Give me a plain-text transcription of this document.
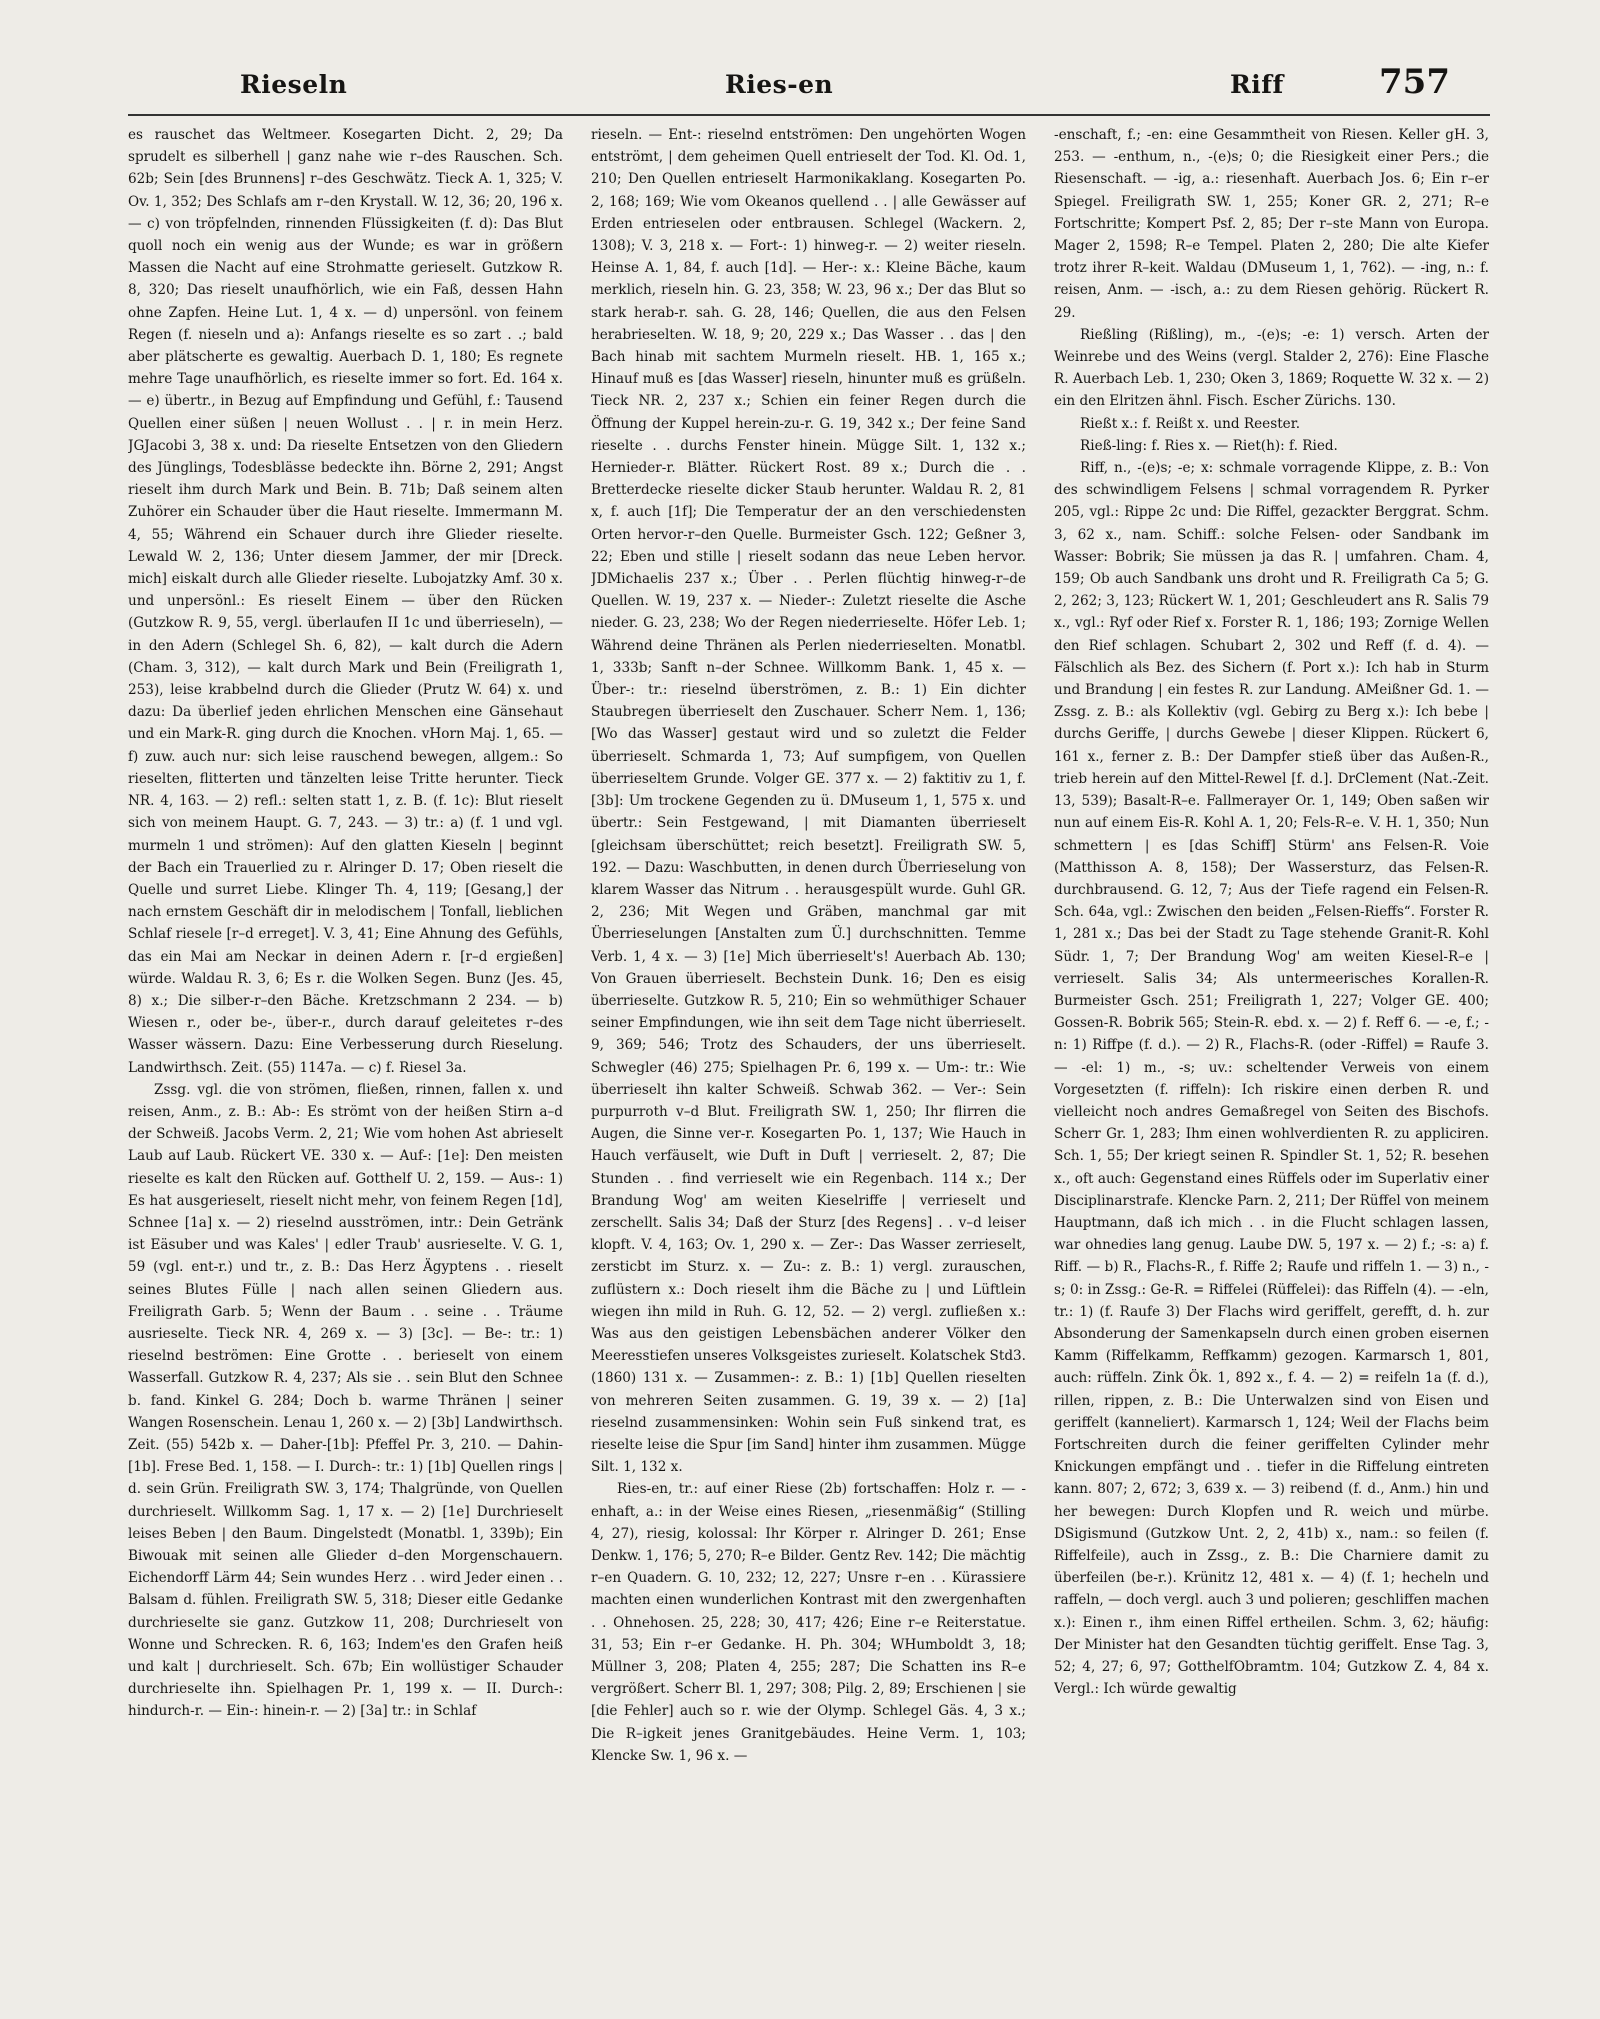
Rieseln	Ries-en	Riff	757

es rauschet das Weltmeer. Kosegarten Dicht. 2, 29; Da sprudelt es silberhell | ganz nahe wie r–des Rauschen. Sch. 62b; Sein [des Brunnens] r–des Geschwätz. Tieck A. 1, 325; V. Ov. 1, 352; Des Schlafs am r–den Krystall. W. 12, 36; 20, 196 x. — c) von tröpfelnden, rinnenden Flüssigkeiten (f. d): Das Blut quoll noch ein wenig aus der Wunde; es war in größern Massen die Nacht auf eine Strohmatte gerieselt. Gutzkow R. 8, 320; Das rieselt unaufhörlich, wie ein Faß, dessen Hahn ohne Zapfen. Heine Lut. 1, 4 x. — d) unpersönl. von feinem Regen (f. nieseln und a): Anfangs rieselte es so zart . .; bald aber plätscherte es gewaltig. Auerbach D. 1, 180; Es regnete mehre Tage unaufhörlich, es rieselte immer so fort. Ed. 164 x. — e) übertr., in Bezug auf Empfindung und Gefühl, f.: Tausend Quellen einer süßen | neuen Wollust . . | r. in mein Herz. JGJacobi 3, 38 x. und: Da rieselte Entsetzen von den Gliedern des Jünglings, Todesblässe bedeckte ihn. Börne 2, 291; Angst rieselt ihm durch Mark und Bein. B. 71b; Daß seinem alten Zuhörer ein Schauder über die Haut rieselte. Immermann M. 4, 55; Während ein Schauer durch ihre Glieder rieselte. Lewald W. 2, 136; Unter diesem Jammer, der mir [Dreck. mich] eiskalt durch alle Glieder rieselte. Lubojatzky Amf. 30 x. und unpersönl.: Es rieselt Einem — über den Rücken (Gutzkow R. 9, 55, vergl. überlaufen II 1c und überrieseln), — in den Adern (Schlegel Sh. 6, 82), — kalt durch die Adern (Cham. 3, 312), — kalt durch Mark und Bein (Freiligrath 1, 253), leise krabbelnd durch die Glieder (Prutz W. 64) x. und dazu: Da überlief jeden ehrlichen Menschen eine Gänsehaut und ein Mark-R. ging durch die Knochen. vHorn Maj. 1, 65. — f) zuw. auch nur: sich leise rauschend bewegen, allgem.: So rieselten, flitterten und tänzelten leise Tritte herunter. Tieck NR. 4, 163. — 2) refl.: selten statt 1, z. B. (f. 1c): Blut rieselt sich von meinem Haupt. G. 7, 243. — 3) tr.: a) (f. 1 und vgl. murmeln 1 und strömen): Auf den glatten Kieseln | beginnt der Bach ein Trauerlied zu r. Alringer D. 17; Oben rieselt die Quelle und surret Liebe. Klinger Th. 4, 119; [Gesang,] der nach ernstem Geschäft dir in melodischem | Tonfall, lieblichen Schlaf riesele [r–d erreget]. V. 3, 41; Eine Ahnung des Gefühls, das ein Mai am Neckar in deinen Adern r. [r–d ergießen] würde. Waldau R. 3, 6; Es r. die Wolken Segen. Bunz (Jes. 45, 8) x.; Die silber-r–den Bäche. Kretzschmann 2 234. — b) Wiesen r., oder be-, über-r., durch darauf geleitetes r–des Wasser wässern. Dazu: Eine Verbesserung durch Rieselung. Landwirthsch. Zeit. (55) 1147a. — c) f. Riesel 3a.

Zssg. vgl. die von strömen, fließen, rinnen, fallen x. und reisen, Anm., z. B.: Ab-: Es strömt von der heißen Stirn a–d der Schweiß. Jacobs Verm. 2, 21; Wie vom hohen Ast abrieselt Laub auf Laub. Rückert VE. 330 x. — Auf-: [1e]: Den meisten rieselte es kalt den Rücken auf. Gotthelf U. 2, 159. — Aus-: 1) Es hat ausgerieselt, rieselt nicht mehr, von feinem Regen [1d], Schnee [1a] x. — 2) rieselnd ausströmen, intr.: Dein Getränk ist Eäsuber und was Kales' | edler Traub' ausrieselte. V. G. 1, 59 (vgl. ent-r.) und tr., z. B.: Das Herz Ägyptens . . rieselt seines Blutes Fülle | nach allen seinen Gliedern aus. Freiligrath Garb. 5; Wenn der Baum . . seine . . Träume ausrieselte. Tieck NR. 4, 269 x. — 3) [3c]. — Be-: tr.: 1) rieselnd beströmen: Eine Grotte . . berieselt von einem Wasserfall. Gutzkow R. 4, 237; Als sie . . sein Blut den Schnee b. fand. Kinkel G. 284; Doch b. warme Thränen | seiner Wangen Rosenschein. Lenau 1, 260 x. — 2) [3b] Landwirthsch. Zeit. (55) 542b x. — Daher-[1b]: Pfeffel Pr. 3, 210. — Dahin-[1b]. Frese Bed. 1, 158. — I. Durch-: tr.: 1) [1b] Quellen rings | d. sein Grün. Freiligrath SW. 3, 174; Thalgründe, von Quellen durchrieselt. Willkomm Sag. 1, 17 x. — 2) [1e] Durchrieselt leises Beben | den Baum. Dingelstedt (Monatbl. 1, 339b); Ein Biwouak mit seinen alle Glieder d–den Morgenschauern. Eichendorff Lärm 44; Sein wundes Herz . . wird Jeder einen . . Balsam d. fühlen. Freiligrath SW. 5, 318; Dieser eitle Gedanke durchrieselte sie ganz. Gutzkow 11, 208; Durchrieselt von Wonne und Schrecken. R. 6, 163; Indem'es den Grafen heiß und kalt | durchrieselt. Sch. 67b; Ein wollüstiger Schauder durchrieselte ihn. Spielhagen Pr. 1, 199 x. — II. Durch-: hindurch-r. — Ein-: hinein-r. — 2) [3a] tr.: in Schlaf

rieseln. — Ent-: rieselnd entströmen: Den ungehörten Wogen entströmt, | dem geheimen Quell entrieselt der Tod. Kl. Od. 1, 210; Den Quellen entrieselt Harmonikaklang. Kosegarten Po. 2, 168; 169; Wie vom Okeanos quellend . . | alle Gewässer auf Erden entrieselen oder entbrausen. Schlegel (Wackern. 2, 1308); V. 3, 218 x. — Fort-: 1) hinweg-r. — 2) weiter rieseln. Heinse A. 1, 84, f. auch [1d]. — Her-: x.: Kleine Bäche, kaum merklich, rieseln hin. G. 23, 358; W. 23, 96 x.; Der das Blut so stark herab-r. sah. G. 28, 146; Quellen, die aus den Felsen herabrieselten. W. 18, 9; 20, 229 x.; Das Wasser . . das | den Bach hinab mit sachtem Murmeln rieselt. HB. 1, 165 x.; Hinauf muß es [das Wasser] rieseln, hinunter muß es grüßeln. Tieck NR. 2, 237 x.; Schien ein feiner Regen durch die Öffnung der Kuppel herein-zu-r. G. 19, 342 x.; Der feine Sand rieselte . . durchs Fenster hinein. Mügge Silt. 1, 132 x.; Hernieder-r. Blätter. Rückert Rost. 89 x.; Durch die . . Bretterdecke rieselte dicker Staub herunter. Waldau R. 2, 81 x, f. auch [1f]; Die Temperatur der an den verschiedensten Orten hervor-r–den Quelle. Burmeister Gsch. 122; Geßner 3, 22; Eben und stille | rieselt sodann das neue Leben hervor. JDMichaelis 237 x.; Über . . Perlen flüchtig hinweg-r–de Quellen. W. 19, 237 x. — Nieder-: Zuletzt rieselte die Asche nieder. G. 23, 238; Wo der Regen niederrieselte. Höfer Leb. 1; Während deine Thränen als Perlen niederrieselten. Monatbl. 1, 333b; Sanft n–der Schnee. Willkomm Bank. 1, 45 x. — Über-: tr.: rieselnd überströmen, z. B.: 1) Ein dichter Staubregen überrieselt den Zuschauer. Scherr Nem. 1, 136; [Wo das Wasser] gestaut wird und so zuletzt die Felder überrieselt. Schmarda 1, 73; Auf sumpfigem, von Quellen überrieseltem Grunde. Volger GE. 377 x. — 2) faktitiv zu 1, f. [3b]: Um trockene Gegenden zu ü. DMuseum 1, 1, 575 x. und übertr.: Sein Festgewand, | mit Diamanten überrieselt [gleichsam überschüttet; reich besetzt]. Freiligrath SW. 5, 192. — Dazu: Waschbutten, in denen durch Überrieselung von klarem Wasser das Nitrum . . herausgespült wurde. Guhl GR. 2, 236; Mit Wegen und Gräben, manchmal gar mit Überrieselungen [Anstalten zum Ü.] durchschnitten. Temme Verb. 1, 4 x. — 3) [1e] Mich überrieselt's! Auerbach Ab. 130; Von Grauen überrieselt. Bechstein Dunk. 16; Den es eisig überrieselte. Gutzkow R. 5, 210; Ein so wehmüthiger Schauer seiner Empfindungen, wie ihn seit dem Tage nicht überrieselt. 9, 369; 546; Trotz des Schauders, der uns überrieselt. Schwegler (46) 275; Spielhagen Pr. 6, 199 x. — Um-: tr.: Wie überrieselt ihn kalter Schweiß. Schwab 362. — Ver-: Sein purpurroth v–d Blut. Freiligrath SW. 1, 250; Ihr flirren die Augen, die Sinne ver-r. Kosegarten Po. 1, 137; Wie Hauch in Hauch verfäuselt, wie Duft in Duft | verrieselt. 2, 87; Die Stunden . . find verrieselt wie ein Regenbach. 114 x.; Der Brandung Wog' am weiten Kieselriffe | verrieselt und zerschellt. Salis 34; Daß der Sturz [des Regens] . . v–d leiser klopft. V. 4, 163; Ov. 1, 290 x. — Zer-: Das Wasser zerrieselt, zersticbt im Sturz. x. — Zu-: z. B.: 1) vergl. zurauschen, zuflüstern x.: Doch rieselt ihm die Bäche zu | und Lüftlein wiegen ihn mild in Ruh. G. 12, 52. — 2) vergl. zufließen x.: Was aus den geistigen Lebensbächen anderer Völker den Meeresstiefen unseres Volksgeistes zurieselt. Kolatschek Std3. (1860) 131 x. — Zusammen-: z. B.: 1) [1b] Quellen rieselten von mehreren Seiten zusammen. G. 19, 39 x. — 2) [1a] rieselnd zusammensinken: Wohin sein Fuß sinkend trat, es rieselte leise die Spur [im Sand] hinter ihm zusammen. Mügge Silt. 1, 132 x.

Ries-en, tr.: auf einer Riese (2b) fortschaffen: Holz r. — -enhaft, a.: in der Weise eines Riesen, „riesenmäßig“ (Stilling 4, 27), riesig, kolossal: Ihr Körper r. Alringer D. 261; Ense Denkw. 1, 176; 5, 270; R–e Bilder. Gentz Rev. 142; Die mächtig r–en Quadern. G. 10, 232; 12, 227; Unsre r–en . . Kürassiere machten einen wunderlichen Kontrast mit den zwergenhaften . . Ohnehosen. 25, 228; 30, 417; 426; Eine r–e Reiterstatue. 31, 53; Ein r–er Gedanke. H. Ph. 304; WHumboldt 3, 18; Müllner 3, 208; Platen 4, 255; 287; Die Schatten ins R–e vergrößert. Scherr Bl. 1, 297; 308; Pilg. 2, 89; Erschienen | sie [die Fehler] auch so r. wie der Olymp. Schlegel Gäs. 4, 3 x.; Die R–igkeit jenes Granitgebäudes. Heine Verm. 1, 103; Klencke Sw. 1, 96 x. —

-enschaft, f.; -en: eine Gesammtheit von Riesen. Keller gH. 3, 253. — -enthum, n., -(e)s; 0; die Riesigkeit einer Pers.; die Riesenschaft. — -ig, a.: riesenhaft. Auerbach Jos. 6; Ein r–er Spiegel. Freiligrath SW. 1, 255; Koner GR. 2, 271; R–e Fortschritte; Kompert Psf. 2, 85; Der r–ste Mann von Europa. Mager 2, 1598; R–e Tempel. Platen 2, 280; Die alte Kiefer trotz ihrer R–keit. Waldau (DMuseum 1, 1, 762). — -ing, n.: f. reisen, Anm. — -isch, a.: zu dem Riesen gehörig. Rückert R. 29.

Rießling (Rißling), m., -(e)s; -e: 1) versch. Arten der Weinrebe und des Weins (vergl. Stalder 2, 276): Eine Flasche R. Auerbach Leb. 1, 230; Oken 3, 1869; Roquette W. 32 x. — 2) ein den Elritzen ähnl. Fisch. Escher Zürichs. 130.

Rießt x.: f. Reißt x. und Reester.

Rieß-ling: f. Ries x. — Riet(h): f. Ried.

Riff, n., -(e)s; -e; x: schmale vorragende Klippe, z. B.: Von des schwindligem Felsens | schmal vorragendem R. Pyrker 205, vgl.: Rippe 2c und: Die Riffel, gezackter Berggrat. Schm. 3, 62 x., nam. Schiff.: solche Felsen- oder Sandbank im Wasser: Bobrik; Sie müssen ja das R. | umfahren. Cham. 4, 159; Ob auch Sandbank uns droht und R. Freiligrath Ca 5; G. 2, 262; 3, 123; Rückert W. 1, 201; Geschleudert ans R. Salis 79 x., vgl.: Ryf oder Rief x. Forster R. 1, 186; 193; Zornige Wellen den Rief schlagen. Schubart 2, 302 und Reff (f. d. 4). — Fälschlich als Bez. des Sichern (f. Port x.): Ich hab in Sturm und Brandung | ein festes R. zur Landung. AMeißner Gd. 1. — Zssg. z. B.: als Kollektiv (vgl. Gebirg zu Berg x.): Ich bebe | durchs Geriffe, | durchs Gewebe | dieser Klippen. Rückert 6, 161 x., ferner z. B.: Der Dampfer stieß über das Außen-R., trieb herein auf den Mittel-Rewel [f. d.]. DrClement (Nat.-Zeit. 13, 539); Basalt-R–e. Fallmerayer Or. 1, 149; Oben saßen wir nun auf einem Eis-R. Kohl A. 1, 20; Fels-R–e. V. H. 1, 350; Nun schmettern | es [das Schiff] Stürm' ans Felsen-R. Voie (Matthisson A. 8, 158); Der Wassersturz, das Felsen-R. durchbrausend. G. 12, 7; Aus der Tiefe ragend ein Felsen-R. Sch. 64a, vgl.: Zwischen den beiden „Felsen-Rieffs“. Forster R. 1, 281 x.; Das bei der Stadt zu Tage stehende Granit-R. Kohl Südr. 1, 7; Der Brandung Wog' am weiten Kiesel-R–e | verrieselt. Salis 34; Als untermeerisches Korallen-R. Burmeister Gsch. 251; Freiligrath 1, 227; Volger GE. 400; Gossen-R. Bobrik 565; Stein-R. ebd. x. — 2) f. Reff 6. — -e, f.; -n: 1) Riffpe (f. d.). — 2) R., Flachs-R. (oder -Riffel) = Raufe 3. — -el: 1) m., -s; uv.: scheltender Verweis von einem Vorgesetzten (f. riffeln): Ich riskire einen derben R. und vielleicht noch andres Gemaßregel von Seiten des Bischofs. Scherr Gr. 1, 283; Ihm einen wohlverdienten R. zu appliciren. Sch. 1, 55; Der kriegt seinen R. Spindler St. 1, 52; R. besehen x., oft auch: Gegenstand eines Rüffels oder im Superlativ einer Disciplinarstrafe. Klencke Parn. 2, 211; Der Rüffel von meinem Hauptmann, daß ich mich . . in die Flucht schlagen lassen, war ohnedies lang genug. Laube DW. 5, 197 x. — 2) f.; -s: a) f. Riff. — b) R., Flachs-R., f. Riffe 2; Raufe und riffeln 1. — 3) n., -s; 0: in Zssg.: Ge-R. = Riffelei (Rüffelei): das Riffeln (4). — -eln, tr.: 1) (f. Raufe 3) Der Flachs wird geriffelt, gerefft, d. h. zur Absonderung der Samenkapseln durch einen groben eisernen Kamm (Riffelkamm, Reffkamm) gezogen. Karmarsch 1, 801, auch: rüffeln. Zink Ök. 1, 892 x., f. 4. — 2) = reifeln 1a (f. d.), rillen, rippen, z. B.: Die Unterwalzen sind von Eisen und geriffelt (kanneliert). Karmarsch 1, 124; Weil der Flachs beim Fortschreiten durch die feiner geriffelten Cylinder mehr Knickungen empfängt und . . tiefer in die Riffelung eintreten kann. 807; 2, 672; 3, 639 x. — 3) reibend (f. d., Anm.) hin und her bewegen: Durch Klopfen und R. weich und mürbe. DSigismund (Gutzkow Unt. 2, 2, 41b) x., nam.: so feilen (f. Riffelfeile), auch in Zssg., z. B.: Die Charniere damit zu überfeilen (be-r.). Krünitz 12, 481 x. — 4) (f. 1; hecheln und raffeln, — doch vergl. auch 3 und polieren; geschliffen machen x.): Einen r., ihm einen Riffel ertheilen. Schm. 3, 62; häufig: Der Minister hat den Gesandten tüchtig geriffelt. Ense Tag. 3, 52; 4, 27; 6, 97; GotthelfObramtm. 104; Gutzkow Z. 4, 84 x. Vergl.: Ich würde gewaltig
